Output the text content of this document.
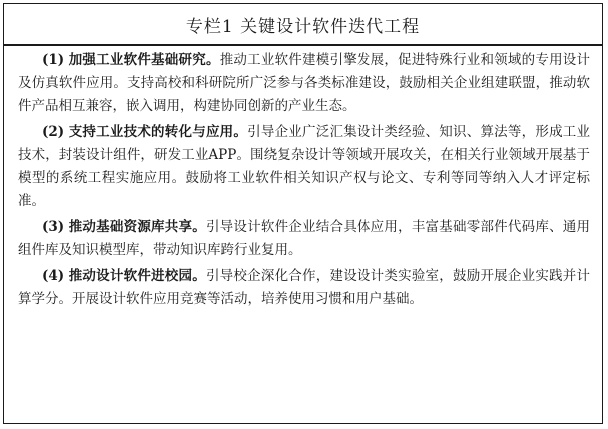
专栏1 关键设计软件迭代工程

(1) 加强工业软件基础研究。推动工业软件建模引擎发展，促进特殊行业和领域的专用设计及仿真软件应用。支持高校和科研院所广泛参与各类标准建设，鼓励相关企业组建联盟，推动软件产品相互兼容，嵌入调用，构建协同创新的产业生态。

(2) 支持工业技术的转化与应用。引导企业广泛汇集设计类经验、知识、算法等，形成工业技术，封装设计组件，研发工业APP。围绕复杂设计等领域开展攻关，在相关行业领域开展基于模型的系统工程实施应用。鼓励将工业软件相关知识产权与论文、专利等同等纳入人才评定标准。

(3) 推动基础资源库共享。引导设计软件企业结合具体应用，丰富基础零部件代码库、通用组件库及知识模型库，带动知识库跨行业复用。

(4) 推动设计软件进校园。引导校企深化合作，建设设计类实验室，鼓励开展企业实践并计算学分。开展设计软件应用竞赛等活动，培养使用习惯和用户基础。
